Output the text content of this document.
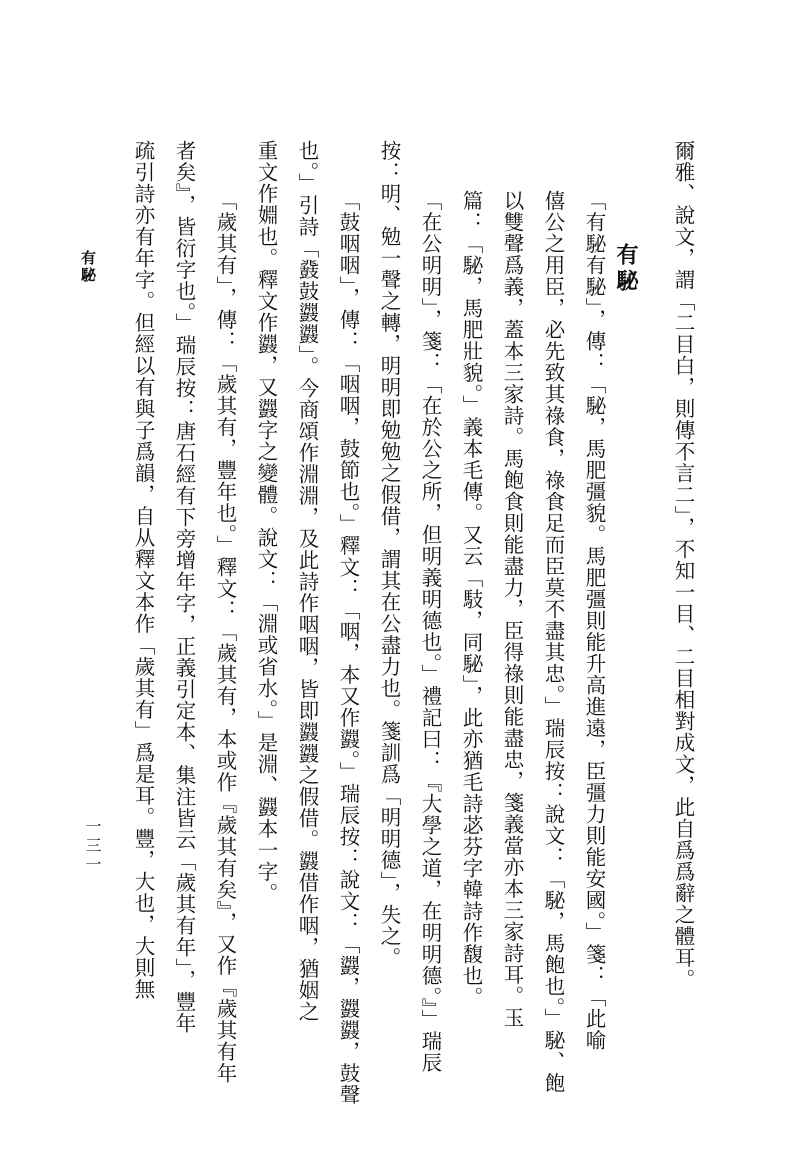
爾雅、說文，謂「二目白，則傳不言二」，不知一目、二目相對成文，此自爲爲辭之體耳。
有駜
「有駜有駜」，傳：「駜，馬肥彊貌。馬肥彊則能升高進遠，臣彊力則能安國。」箋：「此喻
僖公之用臣，必先致其祿食，祿食足而臣莫不盡其忠。」瑞辰按：說文：「駜，馬飽也。」駜、飽
以雙聲爲義，蓋本三家詩。馬飽食則能盡力，臣得祿則能盡忠，箋義當亦本三家詩耳。玉
篇：「駜，馬肥壯貌。」義本毛傳。又云「馶，同駜」，此亦猶毛詩苾芬字韓詩作馥也。
「在公明明」，箋：「在於公之所，但明義明德也。」禮記曰：『大學之道，在明明德。』」瑞辰
按：明、勉一聲之轉，明明即勉勉之假借，謂其在公盡力也。箋訓爲「明明德」，失之。
「鼓咽咽」，傳：「咽咽，鼓節也。」釋文：「咽，本又作鼝。」瑞辰按：說文：「鼝，鼝鼝，鼓聲
也。」引詩「鼗鼓鼝鼝」。今商頌作淵淵，及此詩作咽咽，皆即鼝鼝之假借。鼝借作咽，猶姻之
重文作婣也。釋文作鼝，又鼝字之變體。說文：「淵或省水。」是淵、鼝本一字。
「歲其有」，傳：「歲其有，豐年也。」釋文：「歲其有，本或作『歲其有矣』，又作『歲其有年
者矣』，皆衍字也。」瑞辰按：唐石經有下旁增年字，正義引定本、集注皆云「歲其有年」，豐年
疏引詩亦有年字。但經以有與子爲韻，自从釋文本作「歲其有」爲是耳。豐，大也，大則無
有駜
一三一
